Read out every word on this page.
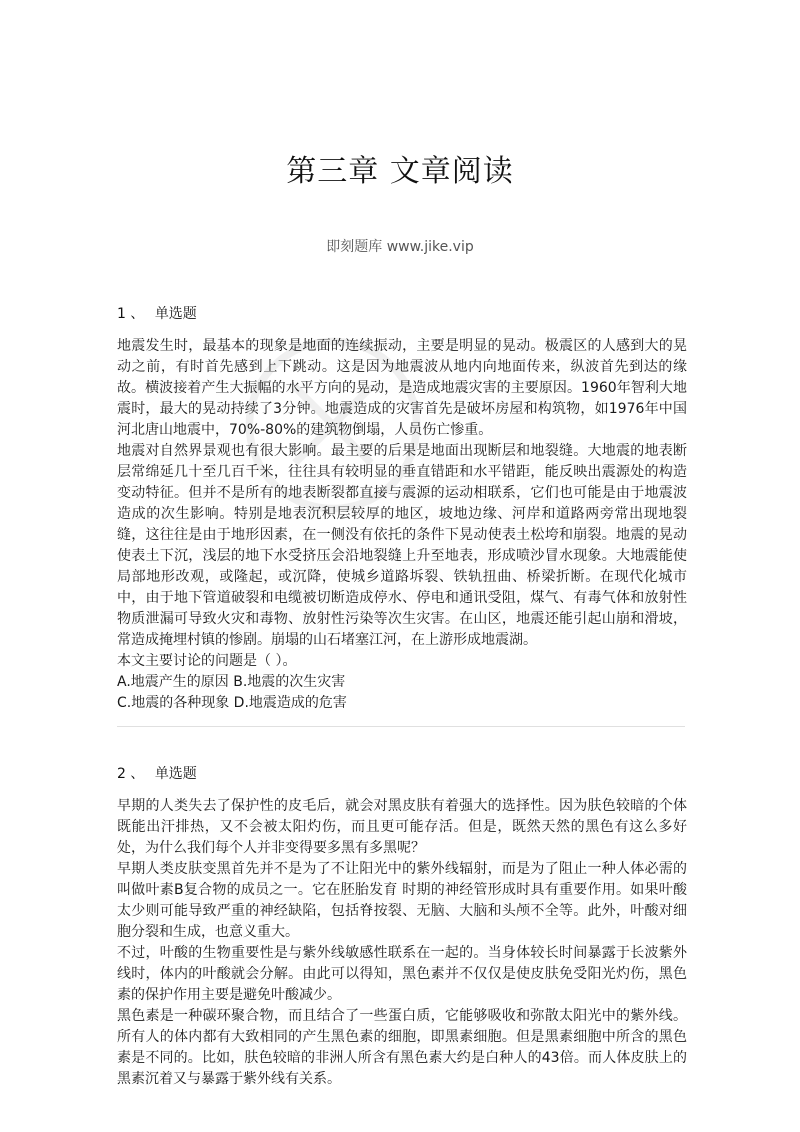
第三章 文章阅读
即刻题库 www.jike.vip
1 、 单选题

地震发生时，最基本的现象是地面的连续振动，主要是明显的晃动。极震区的人感到大的晃动之前，有时首先感到上下跳动。这是因为地震波从地内向地面传来，纵波首先到达的缘故。横波接着产生大振幅的水平方向的晃动，是造成地震灾害的主要原因。1960年智利大地震时，最大的晃动持续了3分钟。地震造成的灾害首先是破坏房屋和构筑物，如1976年中国河北唐山地震中，70%-80%的建筑物倒塌，人员伤亡惨重。

地震对自然界景观也有很大影响。最主要的后果是地面出现断层和地裂缝。大地震的地表断层常绵延几十至几百千米，往往具有较明显的垂直错距和水平错距，能反映出震源处的构造变动特征。但并不是所有的地表断裂都直接与震源的运动相联系，它们也可能是由于地震波造成的次生影响。特别是地表沉积层较厚的地区，坡地边缘、河岸和道路两旁常出现地裂缝，这往往是由于地形因素，在一侧没有依托的条件下晃动使表土松垮和崩裂。地震的晃动使表土下沉，浅层的地下水受挤压会沿地裂缝上升至地表，形成喷沙冒水现象。大地震能使局部地形改观，或隆起，或沉降，使城乡道路坼裂、铁轨扭曲、桥梁折断。在现代化城市中，由于地下管道破裂和电缆被切断造成停水、停电和通讯受阻，煤气、有毒气体和放射性物质泄漏可导致火灾和毒物、放射性污染等次生灾害。在山区，地震还能引起山崩和滑坡，常造成掩埋村镇的惨剧。崩塌的山石堵塞江河，在上游形成地震湖。

本文主要讨论的问题是（ ）。

A.地震产生的原因 B.地震的次生灾害

C.地震的各种现象 D.地震造成的危害

2 、 单选题

早期的人类失去了保护性的皮毛后，就会对黑皮肤有着强大的选择性。因为肤色较暗的个体既能出汗排热，又不会被太阳灼伤，而且更可能存活。但是，既然天然的黑色有这么多好处，为什么我们每个人并非变得要多黑有多黑呢？

早期人类皮肤变黑首先并不是为了不让阳光中的紫外线辐射，而是为了阻止一种人体必需的叫做叶素B复合物的成员之一。它在胚胎发育 时期的神经管形成时具有重要作用。如果叶酸太少则可能导致严重的神经缺陷，包括脊按裂、无脑、大脑和头颅不全等。此外，叶酸对细胞分裂和生成，也意义重大。

不过，叶酸的生物重要性是与紫外线敏感性联系在一起的。当身体较长时间暴露于长波紫外线时，体内的叶酸就会分解。由此可以得知，黑色素并不仅仅是使皮肤免受阳光灼伤，黑色素的保护作用主要是避免叶酸减少。

黑色素是一种碳环聚合物，而且结合了一些蛋白质，它能够吸收和弥散太阳光中的紫外线。所有人的体内都有大致相同的产生黑色素的细胞，即黑素细胞。但是黑素细胞中所含的黑色素是不同的。比如，肤色较暗的非洲人所含有黑色素大约是白种人的43倍。而人体皮肤上的黑素沉着又与暴露于紫外线有关系。
